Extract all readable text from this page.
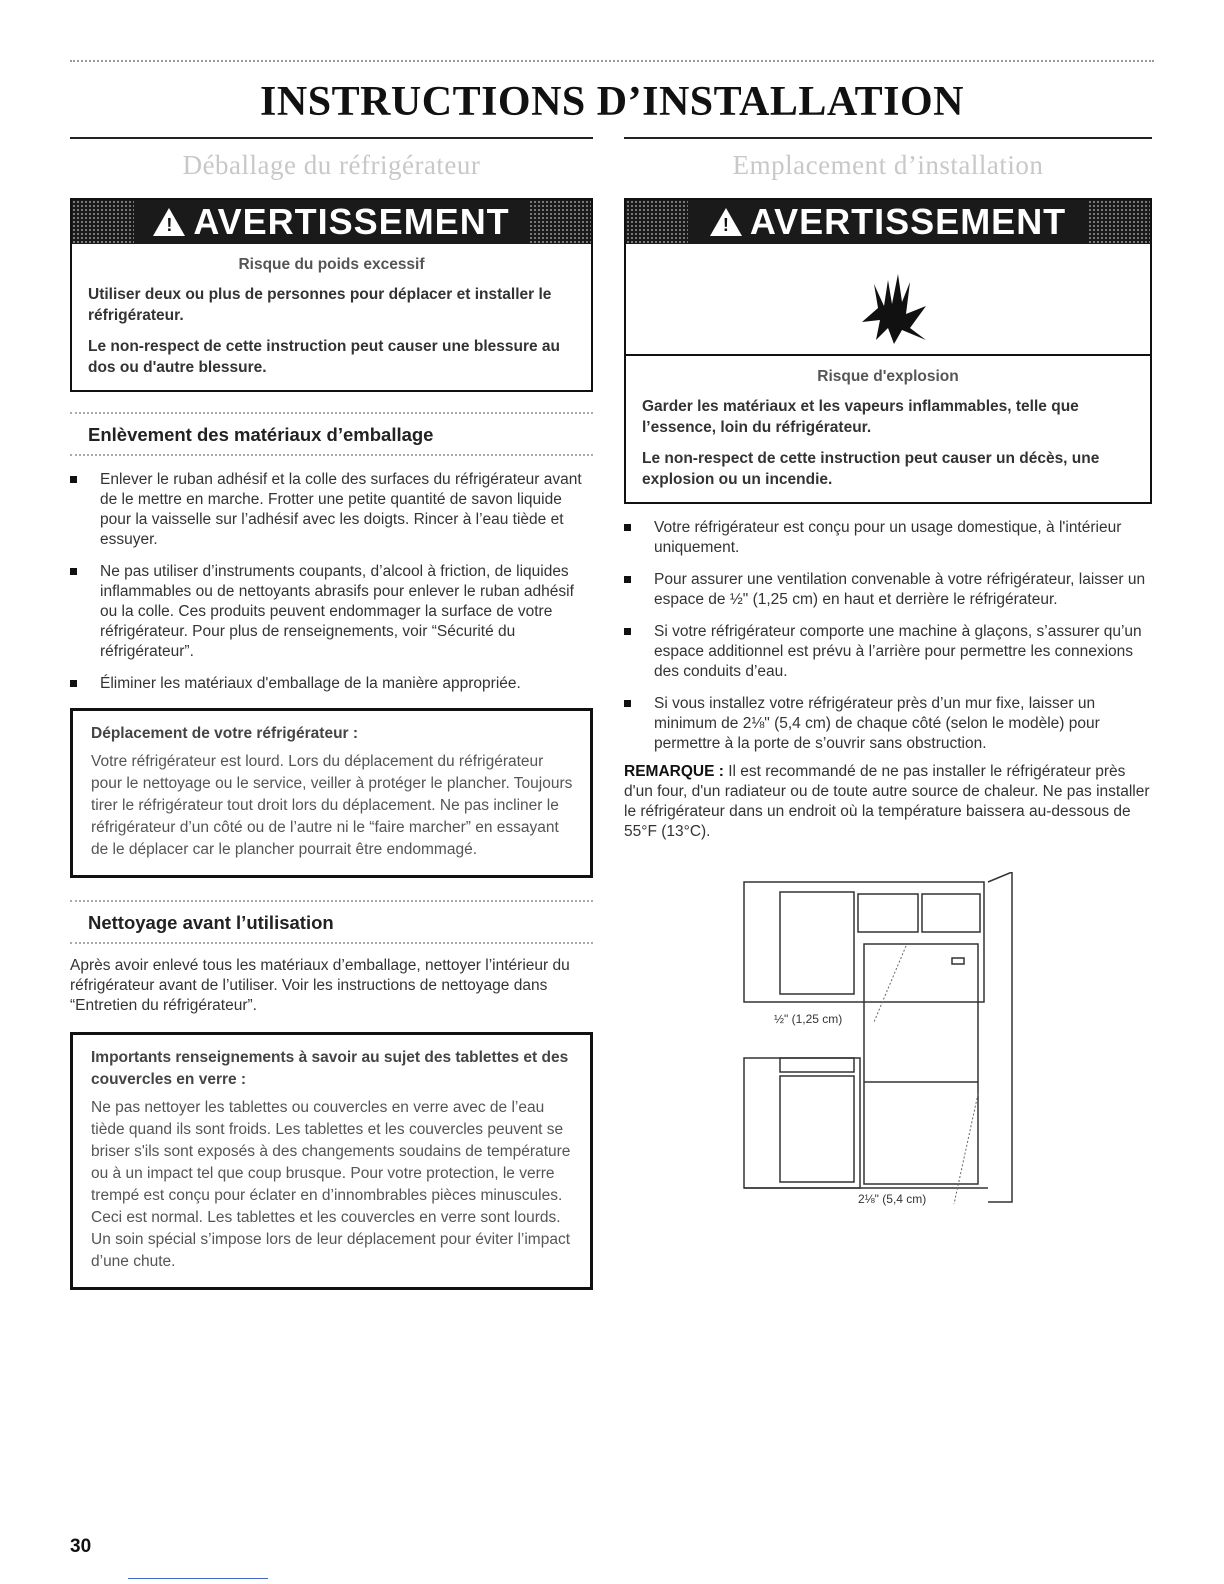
INSTRUCTIONS D’INSTALLATION
Déballage du réfrigérateur	Emplacement d’installation
!
AVERTISSEMENT
Risque du poids excessif

Utiliser deux ou plus de personnes pour déplacer et installer le réfrigérateur.

Le non-respect de cette instruction peut causer une blessure au dos ou d'autre blessure.

Enlèvement des matériaux d’emballage
Enlever le ruban adhésif et la colle des surfaces du réfrigérateur avant de le mettre en marche. Frotter une petite quantité de savon liquide pour la vaisselle sur l’adhésif avec les doigts. Rincer à l’eau tiède et essuyer.
Ne pas utiliser d’instruments coupants, d’alcool à friction, de liquides inflammables ou de nettoyants abrasifs pour enlever le ruban adhésif ou la colle. Ces produits peuvent endommager la surface de votre réfrigérateur. Pour plus de renseignements, voir “Sécurité du réfrigérateur”.
Éliminer les matériaux d'emballage de la manière appropriée.
Déplacement de votre réfrigérateur :
Votre réfrigérateur est lourd. Lors du déplacement du réfrigérateur pour le nettoyage ou le service, veiller à protéger le plancher. Toujours tirer le réfrigérateur tout droit lors du déplacement. Ne pas incliner le réfrigérateur d’un côté ou de l’autre ni le “faire marcher” en essayant de le déplacer car le plancher pourrait être endommagé.
Nettoyage avant l’utilisation
Après avoir enlevé tous les matériaux d’emballage, nettoyer l’intérieur du réfrigérateur avant de l’utiliser. Voir les instructions de nettoyage dans “Entretien du réfrigérateur”.
Importants renseignements à savoir au sujet des tablettes et des couvercles en verre :
Ne pas nettoyer les tablettes ou couvercles en verre avec de l’eau tiède quand ils sont froids. Les tablettes et les couvercles peuvent se briser s'ils sont exposés à des changements soudains de température ou à un impact tel que coup brusque. Pour votre protection, le verre trempé est conçu pour éclater en d’innombrables pièces minuscules. Ceci est normal. Les tablettes et les couvercles en verre sont lourds. Un soin spécial s’impose lors de leur déplacement pour éviter l’impact d’une chute.
!
AVERTISSEMENT
Risque d'explosion

Garder les matériaux et les vapeurs inflammables, telle que l’essence, loin du réfrigérateur.

Le non-respect de cette instruction peut causer un décès, une explosion ou un incendie.

Votre réfrigérateur est conçu pour un usage domestique, à l'intérieur uniquement.
Pour assurer une ventilation convenable à votre réfrigérateur, laisser un espace de ½" (1,25 cm) en haut et derrière le réfrigérateur.
Si votre réfrigérateur comporte une machine à glaçons, s’assurer qu’un espace additionnel est prévu à l’arrière pour permettre les connexions des conduits d’eau.
Si vous installez votre réfrigérateur près d’un mur fixe, laisser un minimum de 2⅛" (5,4 cm) de chaque côté (selon le modèle) pour permettre à la porte de s’ouvrir sans obstruction.
REMARQUE : Il est recommandé de ne pas installer le réfrigérateur près d'un four, d'un radiateur ou de toute autre source de chaleur. Ne pas installer le réfrigérateur dans un endroit où la température baissera au-dessous de 55°F (13°C).
½" (1,25 cm)
2⅛" (5,4 cm)
30
